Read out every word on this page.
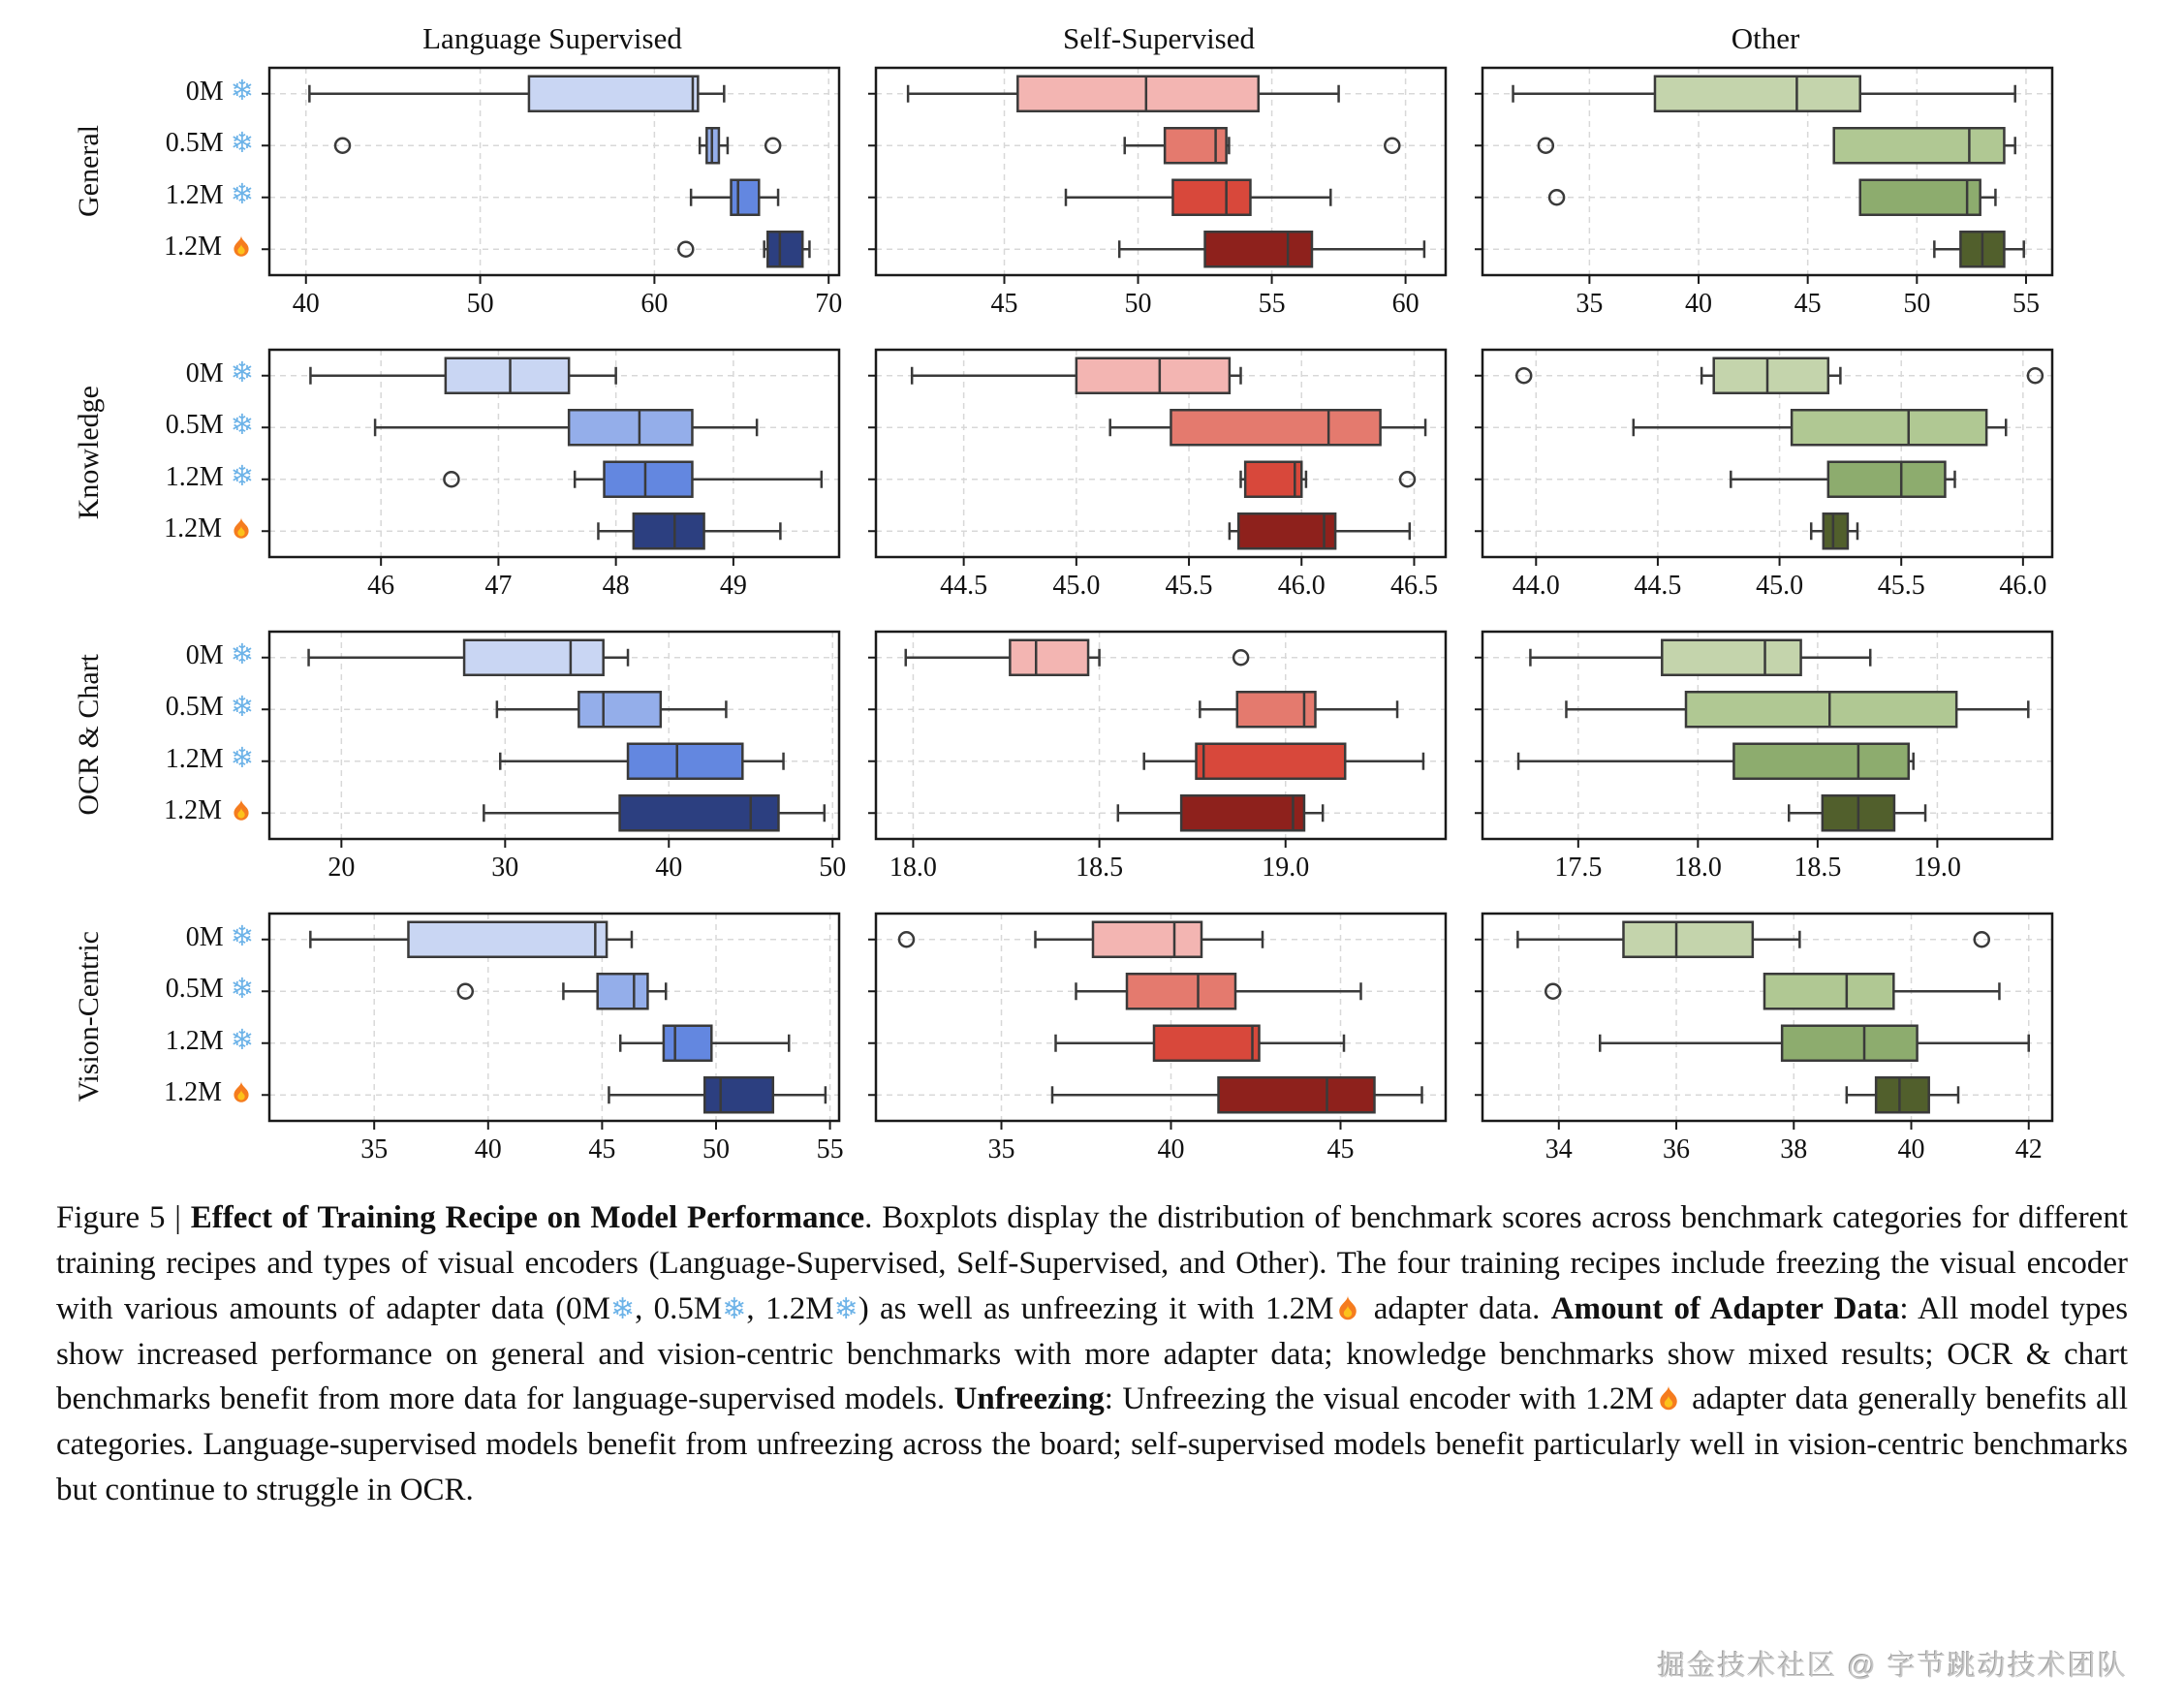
Language Supervised	Self-Supervised	Other
General
0M ❄
0.5M ❄
1.2M ❄
1.2M
40	50	60	70	45	50	55	60	35	40	45	50	55
Knowledge
0M ❄
0.5M ❄
1.2M ❄
1.2M
46	47	48	49	44.5 45.0 45.5 46.0 46.5	44.0	44.5	45.0	45.5	46.0
OCR & Chart	0M ❄
0.5M ❄
1.2M ❄
1.2M
20	30	40	50 18.0	18.5	19.0	17.5	18.0	18.5	19.0
Vision-Centric	0M ❄
0.5M ❄
1.2M ❄
1.2M
35	40	45	50	55	35	40	45	34	36	38	40	42
Figure 5 | Effect of Training Recipe on Model Performance. Boxplots display the distribution of benchmark scores across benchmark categories for different training recipes and types of visual encoders (Language-Supervised, Self-Supervised, and Other). The four training recipes include freezing the visual encoder with various amounts of adapter data (0M❄, 0.5M❄, 1.2M❄) as well as unfreezing it with 1.2M adapter data. Amount of Adapter Data: All model types show increased performance on general and vision-centric benchmarks with more adapter data; knowledge benchmarks show mixed results; OCR & chart benchmarks benefit from more data for language-supervised models. Unfreezing: Unfreezing the visual encoder with 1.2M adapter data generally benefits all categories. Language-supervised models benefit from unfreezing across the board; self-supervised models benefit particularly well in vision-centric benchmarks but continue to struggle in OCR.
掘金技术社区 @ 字节跳动技术团队
